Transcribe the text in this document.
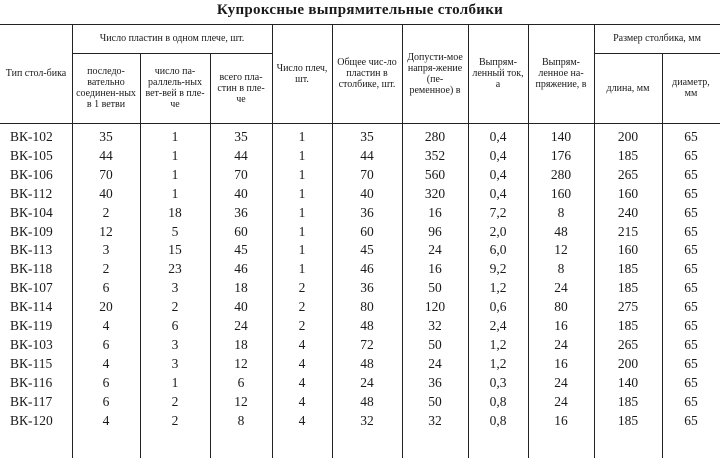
Купроксные выпрямительные столбики
Тип стол-бика
Число пластин в одном плече, шт.
последо-вательно соединен-ных в 1 ветви
число па-раллель-ных вет-вей в пле-че
всего пла-стин в пле-че
Число плеч, шт.
Общее чис-ло пластин в столбике, шт.
Допусти-мое напря-жение (пе-ременное) в
Выпрям-ленный ток, а
Выпрям-ленное на-пряжение, в
Размер столбика, мм
длина, мм	диаметр, мм
ВК-102	35	1	35	1	35	280	0,4	140	200	65
ВК-105	44	1	44	1	44	352	0,4	176	185	65
ВК-106	70	1	70	1	70	560	0,4	280	265	65
ВК-112	40	1	40	1	40	320	0,4	160	160	65
ВК-104	2	18	36	1	36	16	7,2	8	240	65
ВК-109	12	5	60	1	60	96	2,0	48	215	65
ВК-113	3	15	45	1	45	24	6,0	12	160	65
ВК-118	2	23	46	1	46	16	9,2	8	185	65
ВК-107	6	3	18	2	36	50	1,2	24	185	65
ВК-114	20	2	40	2	80	120	0,6	80	275	65
ВК-119	4	6	24	2	48	32	2,4	16	185	65
ВК-103	6	3	18	4	72	50	1,2	24	265	65
ВК-115	4	3	12	4	48	24	1,2	16	200	65
ВК-116	6	1	6	4	24	36	0,3	24	140	65
ВК-117	6	2	12	4	48	50	0,8	24	185	65
ВК-120	4	2	8	4	32	32	0,8	16	185	65
